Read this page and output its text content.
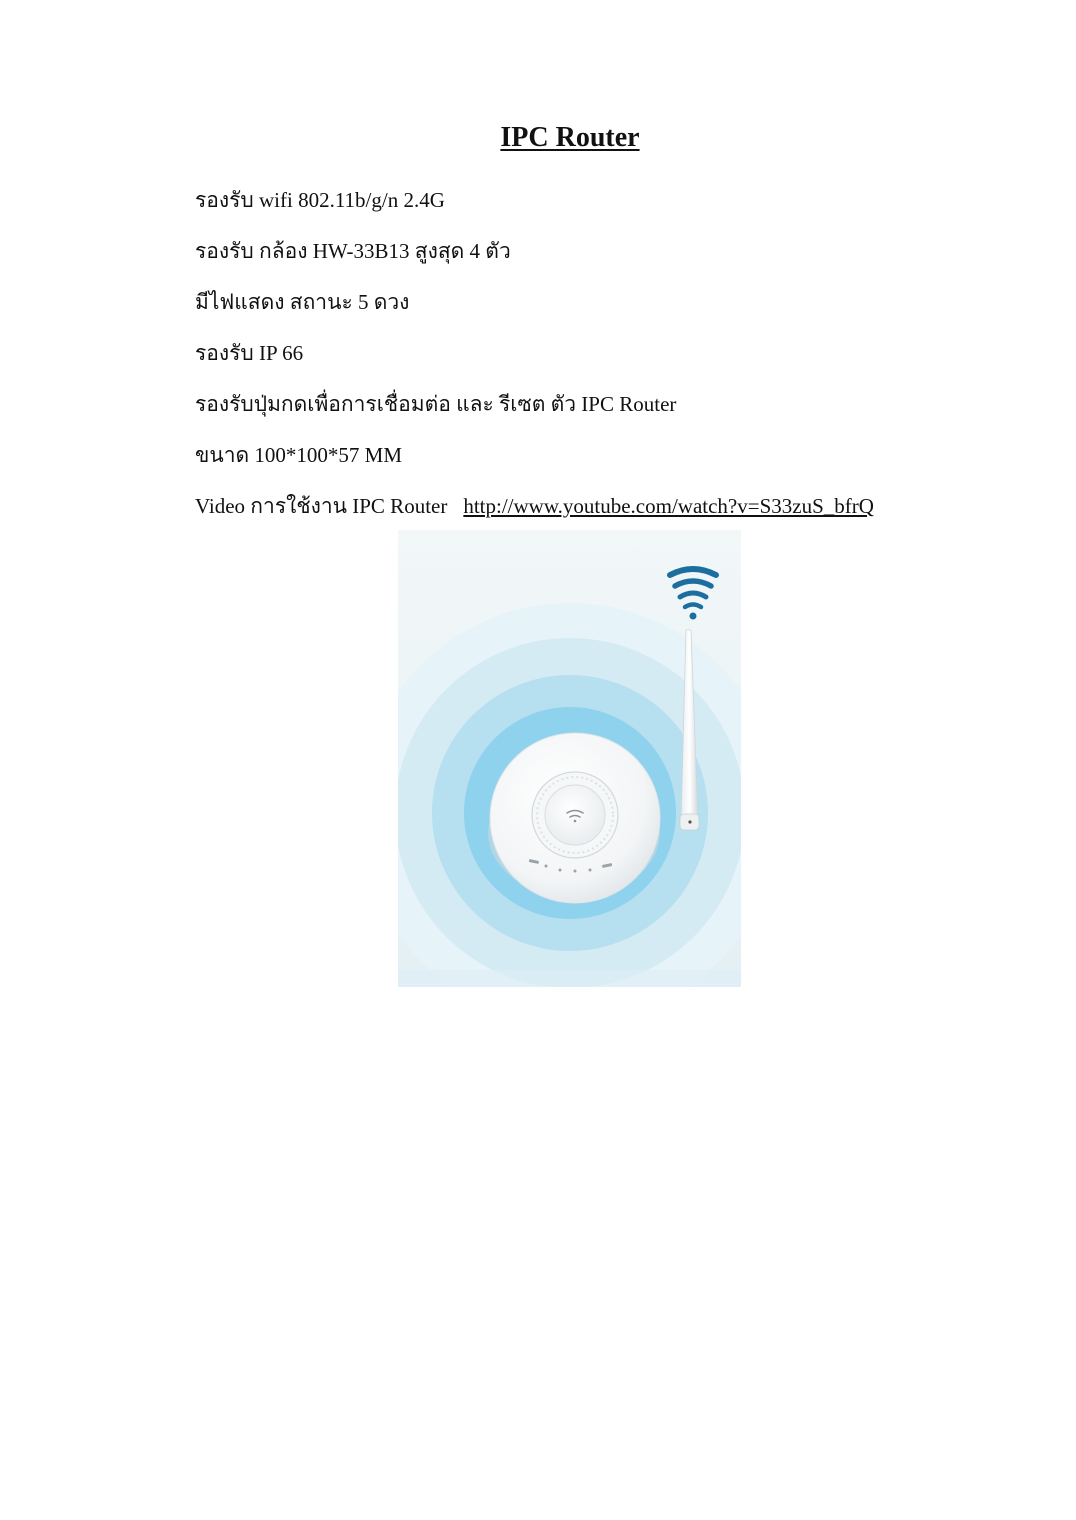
IPC Router
รองรับ wifi 802.11b/g/n 2.4G
รองรับ กล้อง HW-33B13 สูงสุด 4 ตัว
มีไฟแสดง สถานะ 5 ดวง
รองรับ IP 66
รองรับปุ่มกดเพื่อการเชื่อมต่อ และ รีเซต ตัว IPC Router
ขนาด 100*100*57 MM
Video การใช้งาน IPC Router http://www.youtube.com/watch?v=S33zuS_bfrQ
